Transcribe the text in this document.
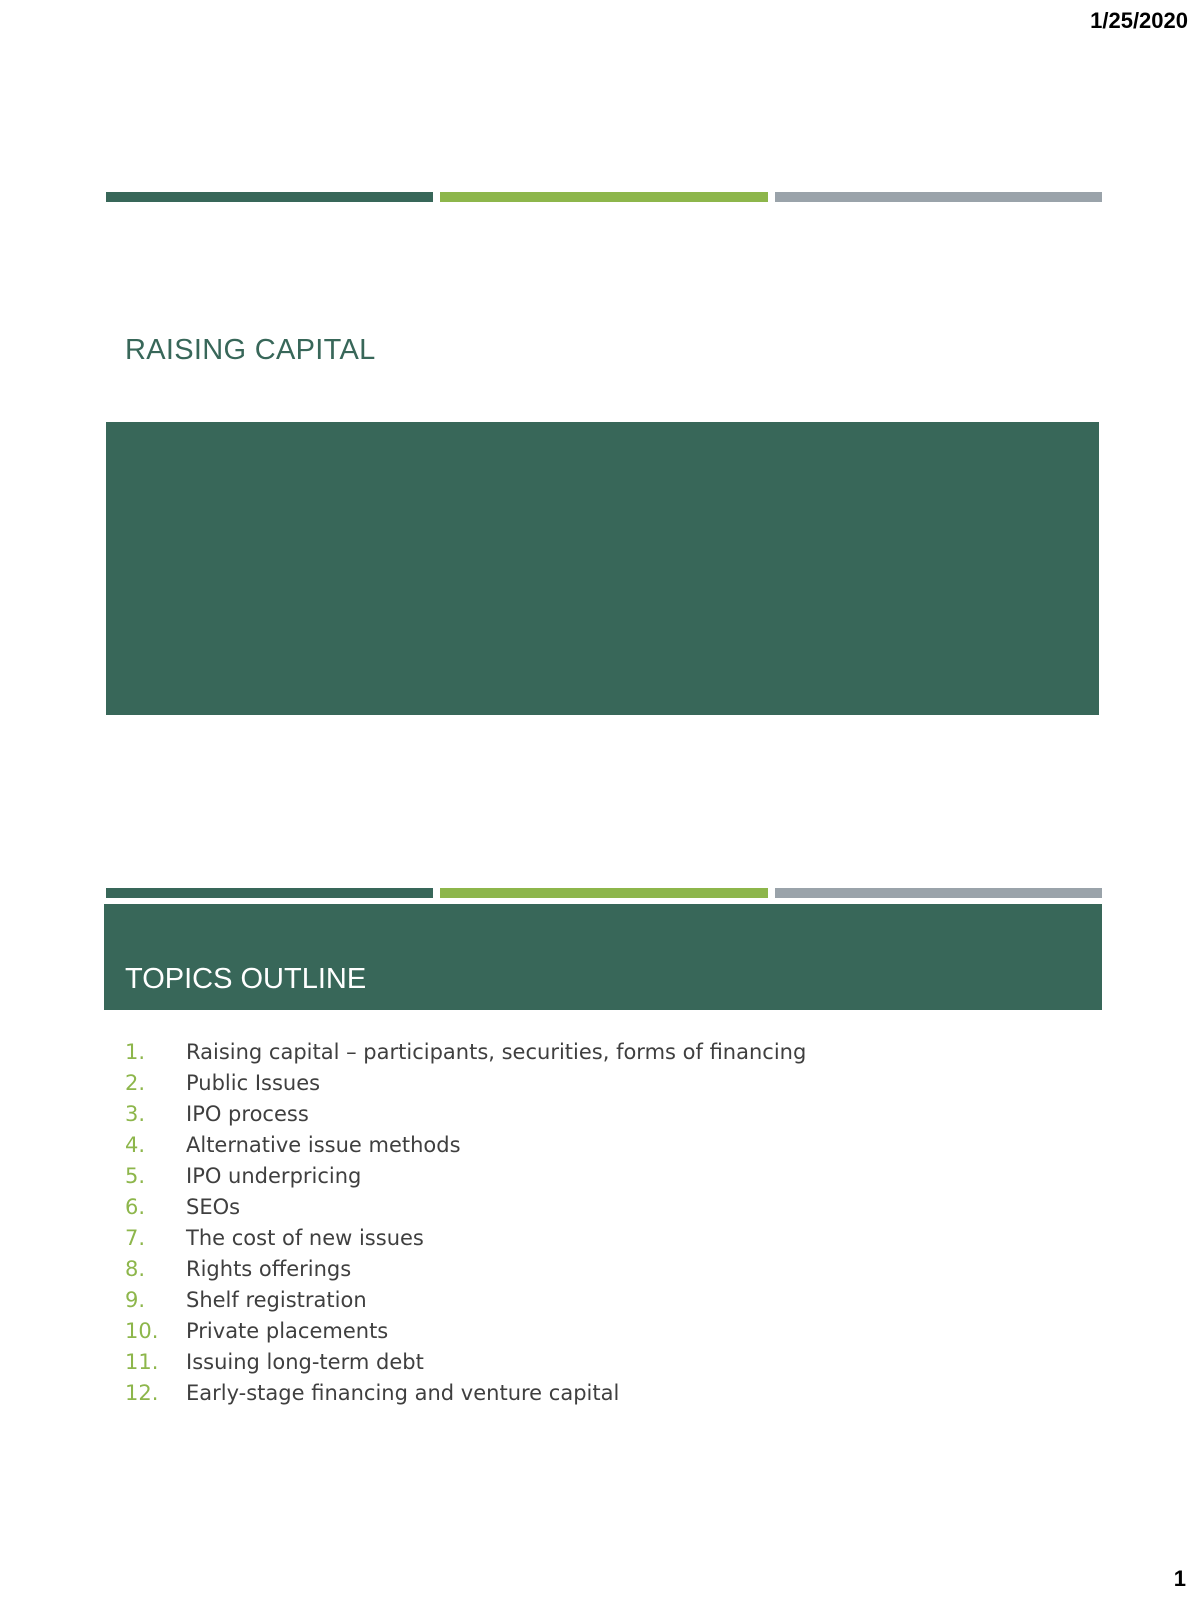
1/25/2020
RAISING CAPITAL
TOPICS OUTLINE
1.	Raising capital – participants, securities, forms of financing
2.	Public Issues
3.	IPO process
4.	Alternative issue methods
5.	IPO underpricing
6.	SEOs
7.	The cost of new issues
8.	Rights offerings
9.	Shelf registration
10.	Private placements
11.	Issuing long-term debt
12.	Early-stage financing and venture capital
1
